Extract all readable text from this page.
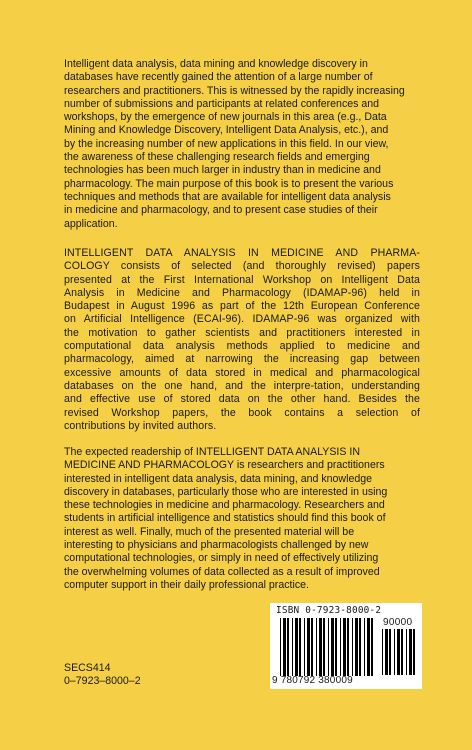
Intelligent data analysis, data mining and knowledge discovery in
databases have recently gained the attention of a large number of
researchers and practitioners. This is witnessed by the rapidly increasing
number of submissions and participants at related conferences and
workshops, by the emergence of new journals in this area (e.g., Data
Mining and Knowledge Discovery, Intelligent Data Analysis, etc.), and
by the increasing number of new applications in this field. In our view,
the awareness of these challenging research fields and emerging
technologies has been much larger in industry than in medicine and
pharmacology. The main purpose of this book is to present the various
techniques and methods that are available for intelligent data analysis
in medicine and pharmacology, and to present case studies of their
application.
INTELLIGENT DATA ANALYSIS IN MEDICINE AND PHARMA-
COLOGY consists of selected (and thoroughly revised) papers
presented at the First International Workshop on Intelligent Data
Analysis in Medicine and Pharmacology (IDAMAP-96) held in
Budapest in August 1996 as part of the 12th European Conference
on Artificial Intelligence (ECAI-96). IDAMAP-96 was organized with
the motivation to gather scientists and practitioners interested in
computational data analysis methods applied to medicine and
pharmacology, aimed at narrowing the increasing gap between
excessive amounts of data stored in medical and pharmacological
databases on the one hand, and the interpre-tation, understanding
and effective use of stored data on the other hand. Besides the
revised Workshop papers, the book contains a selection of
contributions by invited authors.
The expected readership of INTELLIGENT DATA ANALYSIS IN
MEDICINE AND PHARMACOLOGY is researchers and practitioners
interested in intelligent data analysis, data mining, and knowledge
discovery in databases, particularly those who are interested in using
these technologies in medicine and pharmacology. Researchers and
students in artificial intelligence and statistics should find this book of
interest as well. Finally, much of the presented material will be
interesting to physicians and pharmacologists challenged by new
computational technologies, or simply in need of effectively utilizing
the overwhelming volumes of data collected as a result of improved
computer support in their daily professional practice.
ISBN 0-7923-8000-2
90000
9 780792 380009
SECS414
0–7923–8000–2
